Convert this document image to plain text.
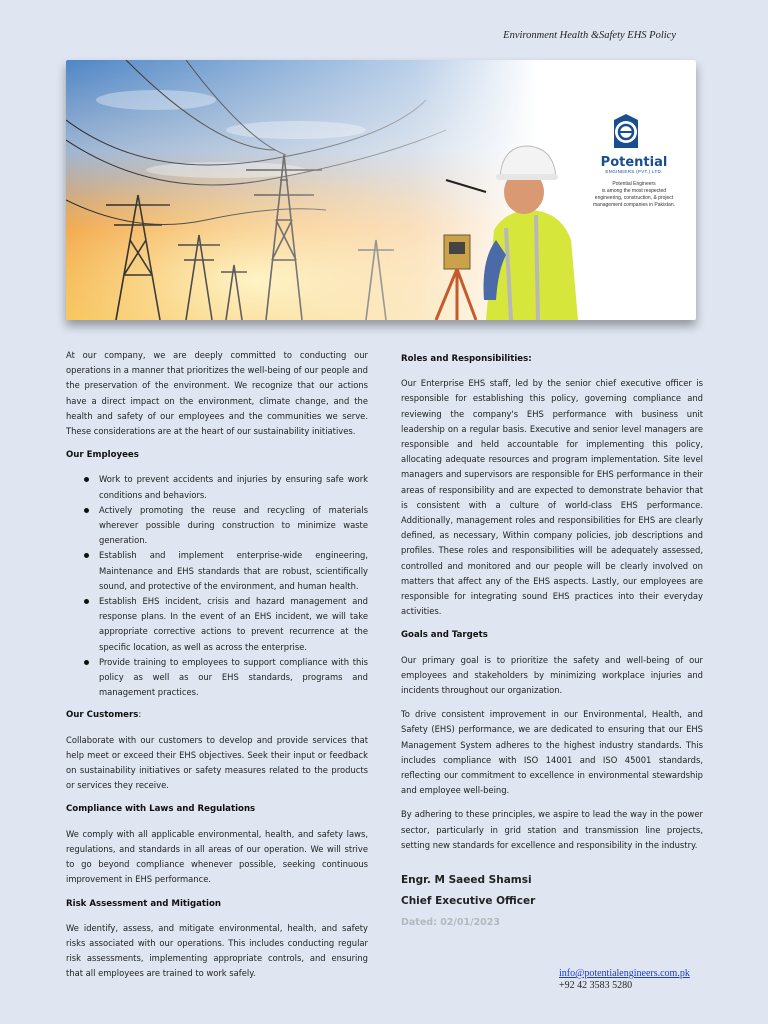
Environment Health &Safety EHS Policy
Potential
ENGINEERS (PVT.) LTD.
Potential Engineers
is among the most respected
engineering, construction, & project
management companies in Pakistan.

At our company, we are deeply committed to conducting our operations in a manner that prioritizes the well-being of our people and the preservation of the environment. We recognize that our actions have a direct impact on the environment, climate change, and the health and safety of our employees and the communities we serve. These considerations are at the heart of our sustainability initiatives.

Our Employees
Work to prevent accidents and injuries by ensuring safe work conditions and behaviors.
Actively promoting the reuse and recycling of materials wherever possible during construction to minimize waste generation.
Establish and implement enterprise-wide engineering, Maintenance and EHS standards that are robust, scientifically sound, and protective of the environment, and human health.
Establish EHS incident, crisis and hazard management and response plans. In the event of an EHS incident, we will take appropriate corrective actions to prevent recurrence at the specific location, as well as across the enterprise.
Provide training to employees to support compliance with this policy as well as our EHS standards, programs and management practices.
Our Customers:

Collaborate with our customers to develop and provide services that help meet or exceed their EHS objectives. Seek their input or feedback on sustainability initiatives or safety measures related to the products or services they receive.

Compliance with Laws and Regulations

We comply with all applicable environmental, health, and safety laws, regulations, and standards in all areas of our operation. We will strive to go beyond compliance whenever possible, seeking continuous improvement in EHS performance.

Risk Assessment and Mitigation

We identify, assess, and mitigate environmental, health, and safety risks associated with our operations. This includes conducting regular risk assessments, implementing appropriate controls, and ensuring that all employees are trained to work safely.

Roles and Responsibilities:

Our Enterprise EHS staff, led by the senior chief executive officer is responsible for establishing this policy, governing compliance and reviewing the company's EHS performance with business unit leadership on a regular basis. Executive and senior level managers are responsible and held accountable for implementing this policy, allocating adequate resources and program implementation. Site level managers and supervisors are responsible for EHS performance in their areas of responsibility and are expected to demonstrate behavior that is consistent with a culture of world-class EHS performance. Additionally, management roles and responsibilities for EHS are clearly defined, as necessary, Within company policies, job descriptions and profiles. These roles and responsibilities will be adequately assessed, controlled and monitored and our people will be clearly involved on matters that affect any of the EHS aspects. Lastly, our employees are responsible for integrating sound EHS practices into their everyday activities.

Goals and Targets

Our primary goal is to prioritize the safety and well-being of our employees and stakeholders by minimizing workplace injuries and incidents throughout our organization.

To drive consistent improvement in our Environmental, Health, and Safety (EHS) performance, we are dedicated to ensuring that our EHS Management System adheres to the highest industry standards. This includes compliance with ISO 14001 and ISO 45001 standards, reflecting our commitment to excellence in environmental stewardship and employee well-being.

By adhering to these principles, we aspire to lead the way in the power sector, particularly in grid station and transmission line projects, setting new standards for excellence and responsibility in the industry.

Engr. M Saeed Shamsi
Chief Executive Officer
Dated: 02/01/2023
info@potentialengineers.com.pk
+92 42 3583 5280
